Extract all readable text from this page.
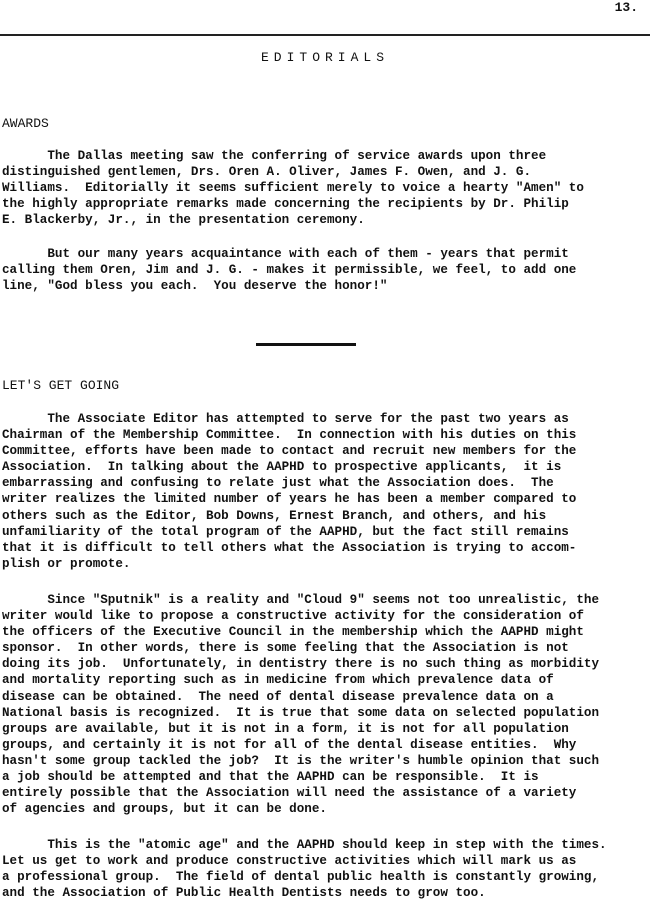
13.
EDITORIALS
AWARDS
The Dallas meeting saw the conferring of service awards upon three
distinguished gentlemen, Drs. Oren A. Oliver, James F. Owen, and J. G.
Williams.  Editorially it seems sufficient merely to voice a hearty "Amen" to
the highly appropriate remarks made concerning the recipients by Dr. Philip
E. Blackerby, Jr., in the presentation ceremony.
But our many years acquaintance with each of them - years that permit
calling them Oren, Jim and J. G. - makes it permissible, we feel, to add one
line, "God bless you each.  You deserve the honor!"
LET'S GET GOING
The Associate Editor has attempted to serve for the past two years as
Chairman of the Membership Committee.  In connection with his duties on this
Committee, efforts have been made to contact and recruit new members for the
Association.  In talking about the AAPHD to prospective applicants,  it is
embarrassing and confusing to relate just what the Association does.  The
writer realizes the limited number of years he has been a member compared to
others such as the Editor, Bob Downs, Ernest Branch, and others, and his
unfamiliarity of the total program of the AAPHD, but the fact still remains
that it is difficult to tell others what the Association is trying to accom-
plish or promote.
Since "Sputnik" is a reality and "Cloud 9" seems not too unrealistic, the
writer would like to propose a constructive activity for the consideration of
the officers of the Executive Council in the membership which the AAPHD might
sponsor.  In other words, there is some feeling that the Association is not
doing its job.  Unfortunately, in dentistry there is no such thing as morbidity
and mortality reporting such as in medicine from which prevalence data of
disease can be obtained.  The need of dental disease prevalence data on a
National basis is recognized.  It is true that some data on selected population
groups are available, but it is not in a form, it is not for all population
groups, and certainly it is not for all of the dental disease entities.  Why
hasn't some group tackled the job?  It is the writer's humble opinion that such
a job should be attempted and that the AAPHD can be responsible.  It is
entirely possible that the Association will need the assistance of a variety
of agencies and groups, but it can be done.
This is the "atomic age" and the AAPHD should keep in step with the times.
Let us get to work and produce constructive activities which will mark us as
a professional group.  The field of dental public health is constantly growing,
and the Association of Public Health Dentists needs to grow too.
